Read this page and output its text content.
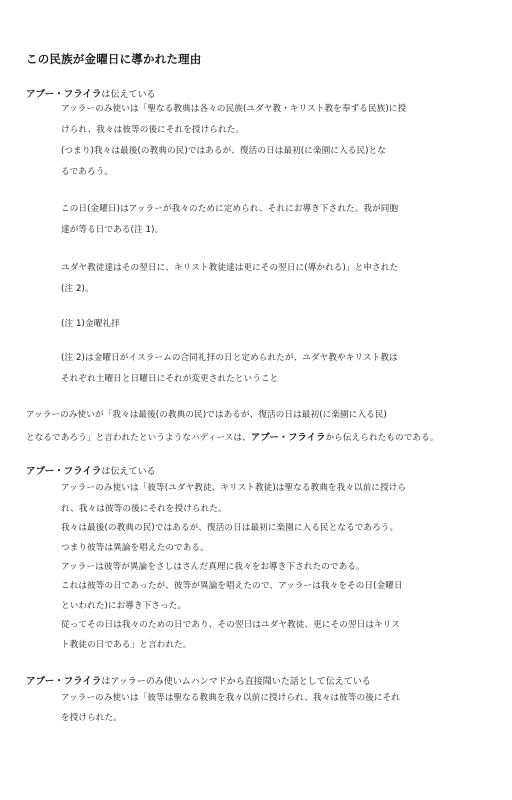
この民族が金曜日に導かれた理由
アブー・フライラは伝えている
アッラーのみ使いは「聖なる教典は各々の民族(ユダヤ教・キリスト教を奉ずる民族)に授
けられ、我々は彼等の後にそれを授けられた。
(つまり)我々は最後(の教典の民)ではあるが、復活の日は最初(に楽園に入る民)とな
るであろう。
この日(金曜日)はアッラーが我々のために定められ、それにお導き下された。我が同胞
達が等る日である(注 1)。
ユダヤ教徒達はその翌日に、キリスト教徒達は更にその翌日に(導かれる)」と申された
(注 2)。
(注 1)金曜礼拝
(注 2)は金曜日がイスラームの合同礼拝の日と定められたが、ユダヤ教やキリスト教は
それぞれ土曜日と日曜日にそれが変更されたということ
アッラーのみ使いが「我々は最後(の教典の民)ではあるが、復活の日は最初(に楽園に入る民)
となるであろう」と言われたというようなハディースは、アブー・フライラから伝えられたものである。
アブー・フライラは伝えている
アッラーのみ使いは「彼等(ユダヤ教徒、キリスト教徒)は聖なる教典を我々以前に授けら
れ、我々は彼等の後にそれを授けられた。
我々は最後(の教典の民)ではあるが、復活の日は最初に楽園に入る民となるであろう。
つまり彼等は異論を唱えたのである。
アッラーは彼等が異論をさしはさんだ真理に我々をお導き下されたのである。
これは彼等の日であったが、彼等が異論を唱えたので、アッラーは我々をその日(金曜日
といわれた)にお導き下さった。
従ってその日は我々のための日であり、その翌日はユダヤ教徒、更にその翌日はキリス
ト教徒の日である」と言われた。
アブー・フライラはアッラーのみ使いムハンマドから直接聞いた話として伝えている
アッラーのみ使いは「彼等は聖なる教典を我々以前に授けられ、我々は彼等の後にそれ
を授けられた。
